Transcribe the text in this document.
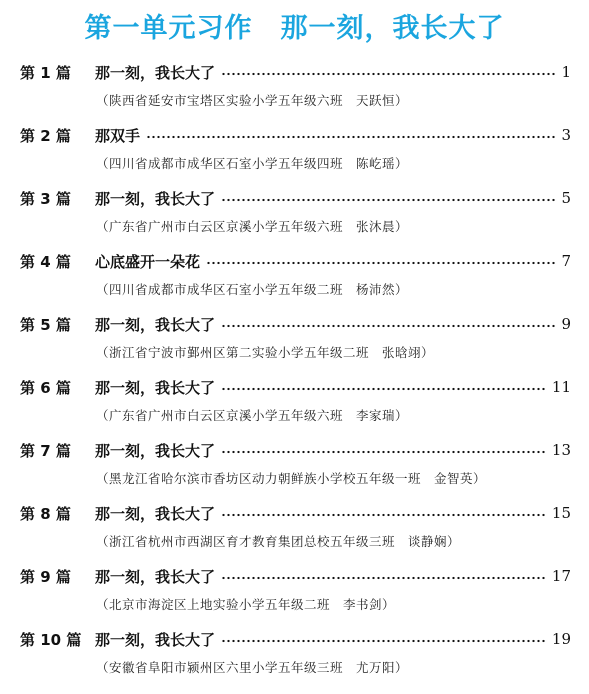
第一单元习作　那一刻，我长大了
第 1 篇	那一刻，我长大了	1
（陕西省延安市宝塔区实验小学五年级六班　天跃恒）
第 2 篇	那双手	3
（四川省成都市成华区石室小学五年级四班　陈屹瑶）
第 3 篇	那一刻，我长大了	5
（广东省广州市白云区京溪小学五年级六班　张沐晨）
第 4 篇	心底盛开一朵花	7
（四川省成都市成华区石室小学五年级二班　杨沛然）
第 5 篇	那一刻，我长大了	9
（浙江省宁波市鄞州区第二实验小学五年级二班　张晗翊）
第 6 篇	那一刻，我长大了	11
（广东省广州市白云区京溪小学五年级六班　李家瑞）
第 7 篇	那一刻，我长大了	13
（黑龙江省哈尔滨市香坊区动力朝鲜族小学校五年级一班　金智英）
第 8 篇	那一刻，我长大了	15
（浙江省杭州市西湖区育才教育集团总校五年级三班　谈静娴）
第 9 篇	那一刻，我长大了	17
（北京市海淀区上地实验小学五年级二班　李书剑）
第 10 篇 那一刻，我长大了	19
（安徽省阜阳市颍州区六里小学五年级三班　尤万阳）
